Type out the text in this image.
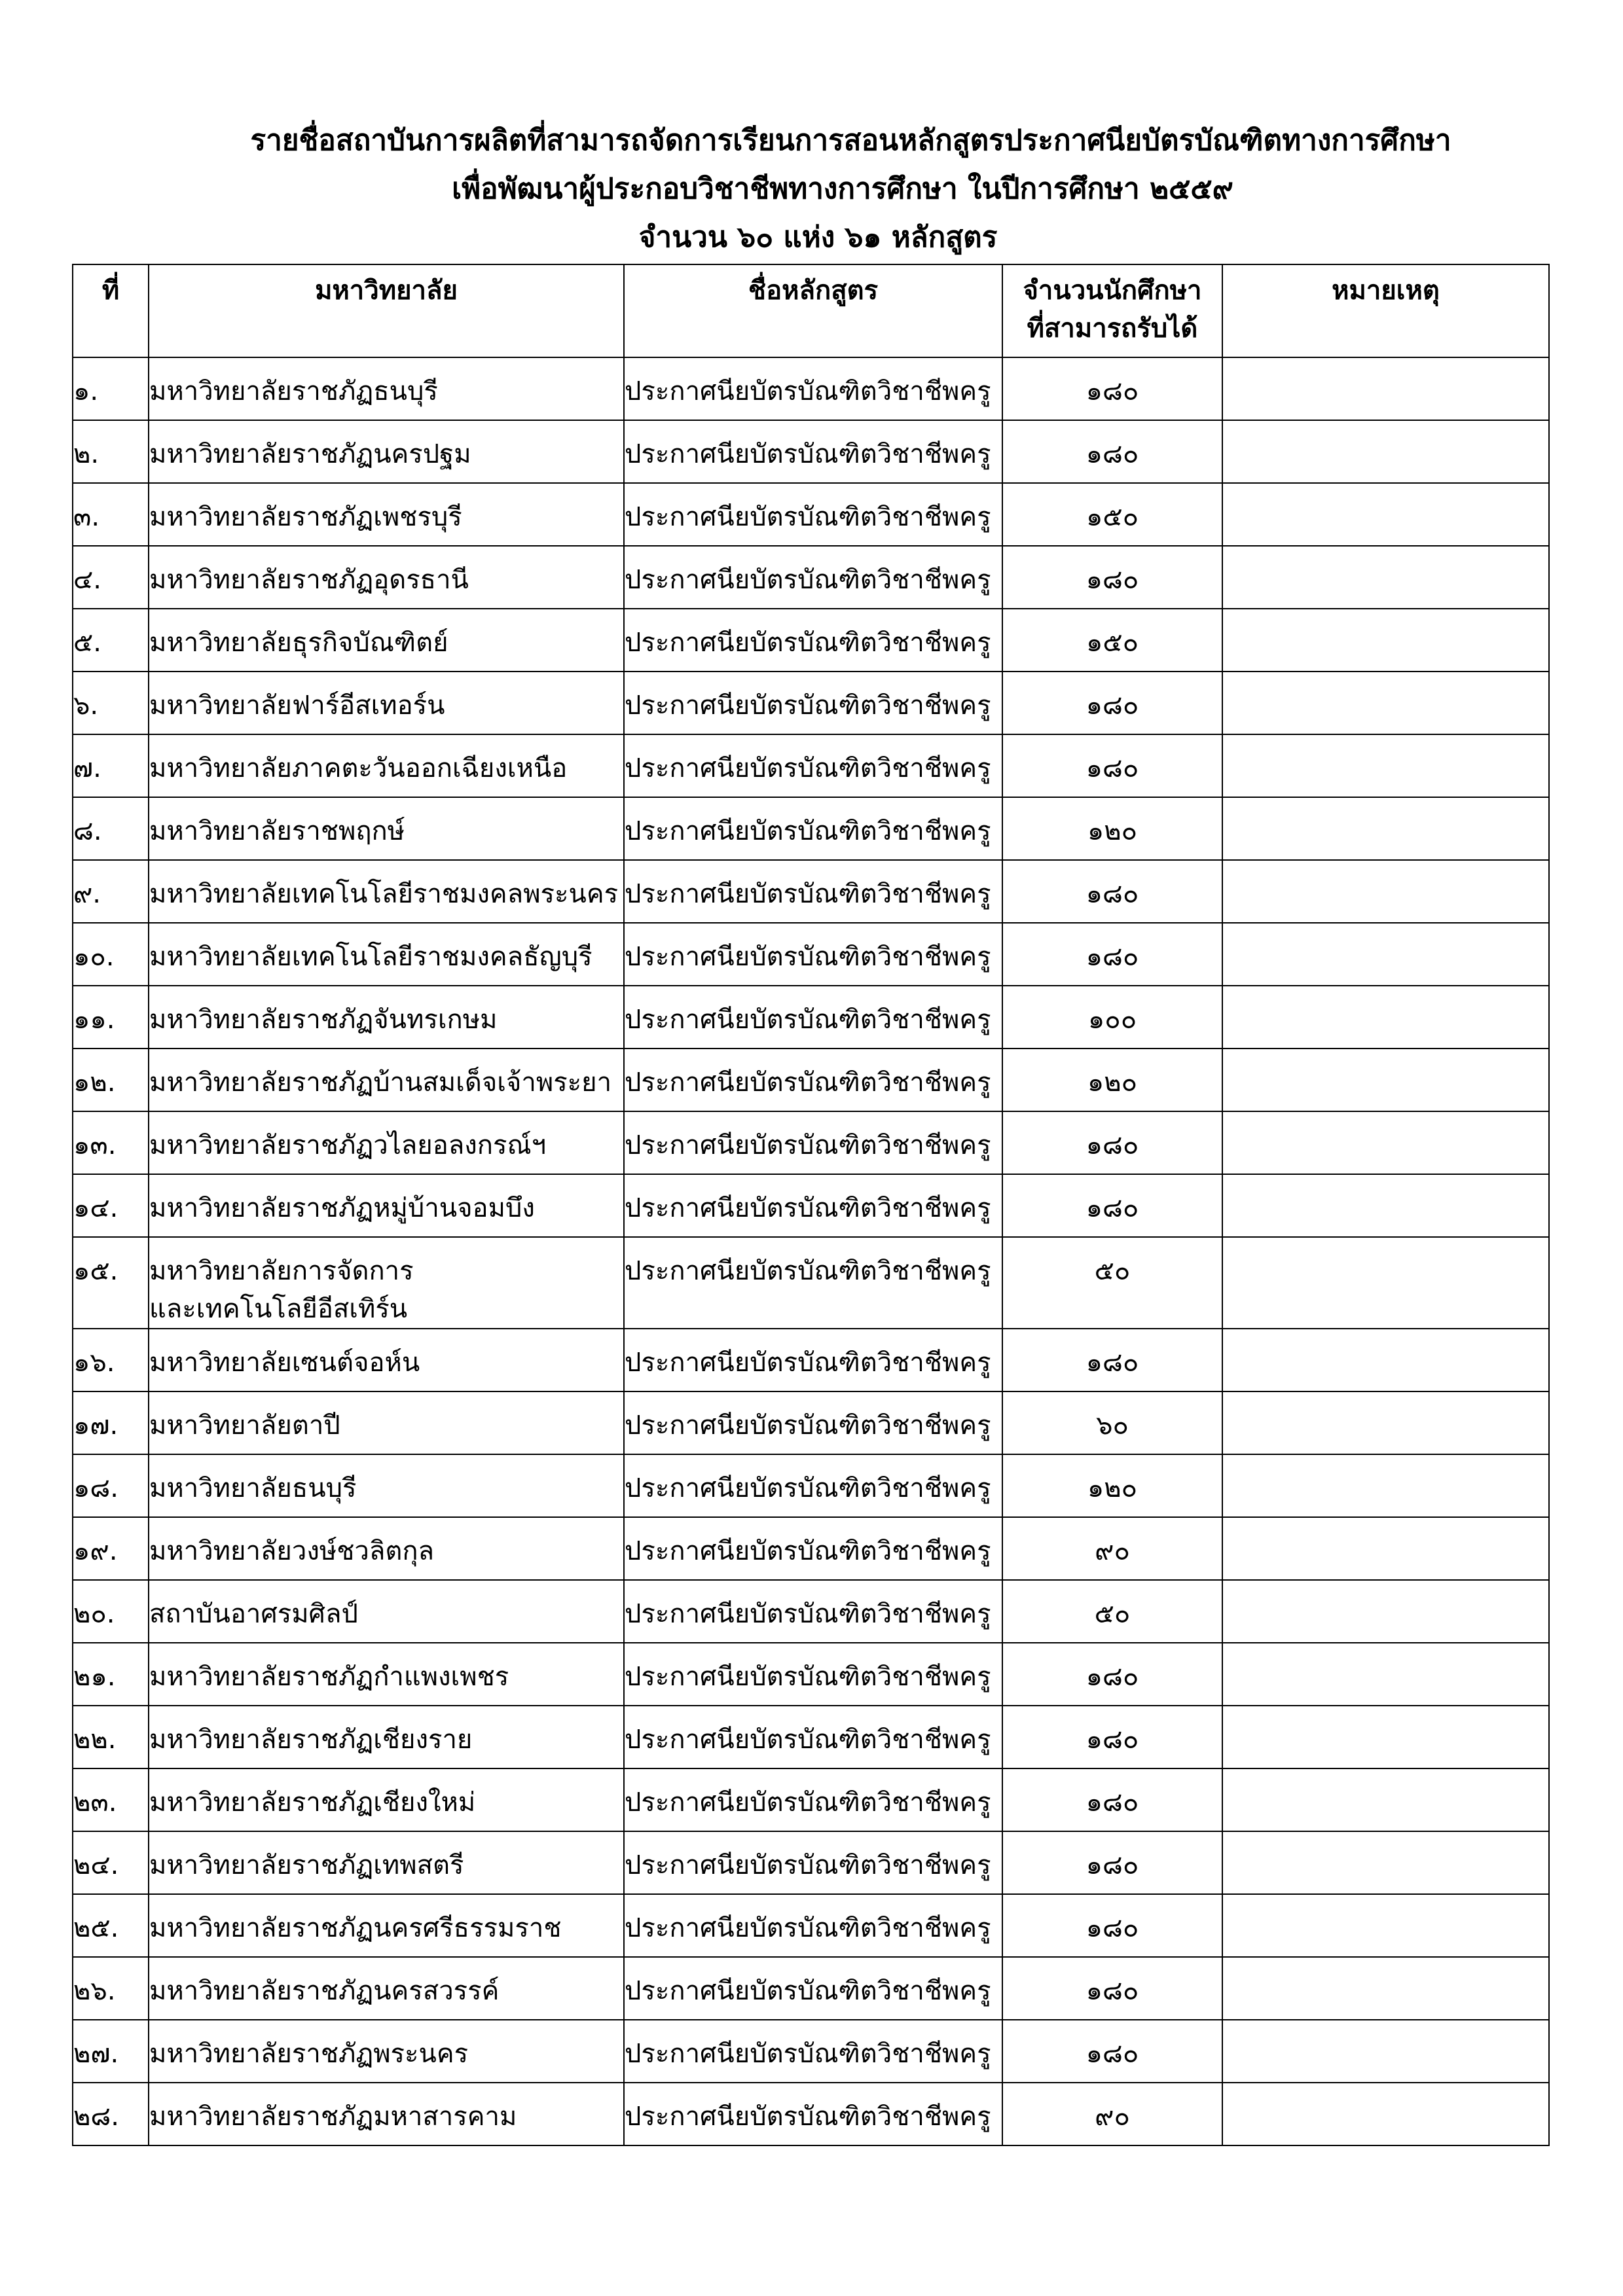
รายชื่อสถาบันการผลิตที่สามารถจัดการเรียนการสอนหลักสูตรประกาศนียบัตรบัณฑิตทางการศึกษา
เพื่อพัฒนาผู้ประกอบวิชาชีพทางการศึกษา ในปีการศึกษา ๒๕๕๙
จำนวน ๖๐ แห่ง ๖๑ หลักสูตร
ที่	มหาวิทยาลัย	ชื่อหลักสูตร	จำนวนนักศึกษา
ที่สามารถรับได้	หมายเหตุ
๑.	มหาวิทยาลัยราชภัฏธนบุรี	ประกาศนียบัตรบัณฑิตวิชาชีพครู	๑๘๐	
๒.	มหาวิทยาลัยราชภัฏนครปฐม	ประกาศนียบัตรบัณฑิตวิชาชีพครู	๑๘๐	
๓.	มหาวิทยาลัยราชภัฏเพชรบุรี	ประกาศนียบัตรบัณฑิตวิชาชีพครู	๑๕๐	
๔.	มหาวิทยาลัยราชภัฏอุดรธานี	ประกาศนียบัตรบัณฑิตวิชาชีพครู	๑๘๐	
๕.	มหาวิทยาลัยธุรกิจบัณฑิตย์	ประกาศนียบัตรบัณฑิตวิชาชีพครู	๑๕๐	
๖.	มหาวิทยาลัยฟาร์อีสเทอร์น	ประกาศนียบัตรบัณฑิตวิชาชีพครู	๑๘๐	
๗.	มหาวิทยาลัยภาคตะวันออกเฉียงเหนือ	ประกาศนียบัตรบัณฑิตวิชาชีพครู	๑๘๐	
๘.	มหาวิทยาลัยราชพฤกษ์	ประกาศนียบัตรบัณฑิตวิชาชีพครู	๑๒๐	
๙.	มหาวิทยาลัยเทคโนโลยีราชมงคลพระนคร	ประกาศนียบัตรบัณฑิตวิชาชีพครู	๑๘๐	
๑๐.	มหาวิทยาลัยเทคโนโลยีราชมงคลธัญบุรี	ประกาศนียบัตรบัณฑิตวิชาชีพครู	๑๘๐	
๑๑.	มหาวิทยาลัยราชภัฏจันทรเกษม	ประกาศนียบัตรบัณฑิตวิชาชีพครู	๑๐๐	
๑๒.	มหาวิทยาลัยราชภัฏบ้านสมเด็จเจ้าพระยา	ประกาศนียบัตรบัณฑิตวิชาชีพครู	๑๒๐	
๑๓.	มหาวิทยาลัยราชภัฏวไลยอลงกรณ์ฯ	ประกาศนียบัตรบัณฑิตวิชาชีพครู	๑๘๐	
๑๔.	มหาวิทยาลัยราชภัฏหมู่บ้านจอมบึง	ประกาศนียบัตรบัณฑิตวิชาชีพครู	๑๘๐	
๑๕.	มหาวิทยาลัยการจัดการ
และเทคโนโลยีอีสเทิร์น	ประกาศนียบัตรบัณฑิตวิชาชีพครู	๕๐	
๑๖.	มหาวิทยาลัยเซนต์จอห์น	ประกาศนียบัตรบัณฑิตวิชาชีพครู	๑๘๐	
๑๗.	มหาวิทยาลัยตาปี	ประกาศนียบัตรบัณฑิตวิชาชีพครู	๖๐	
๑๘.	มหาวิทยาลัยธนบุรี	ประกาศนียบัตรบัณฑิตวิชาชีพครู	๑๒๐	
๑๙.	มหาวิทยาลัยวงษ์ชวลิตกุล	ประกาศนียบัตรบัณฑิตวิชาชีพครู	๙๐	
๒๐.	สถาบันอาศรมศิลป์	ประกาศนียบัตรบัณฑิตวิชาชีพครู	๕๐	
๒๑.	มหาวิทยาลัยราชภัฏกำแพงเพชร	ประกาศนียบัตรบัณฑิตวิชาชีพครู	๑๘๐	
๒๒.	มหาวิทยาลัยราชภัฏเชียงราย	ประกาศนียบัตรบัณฑิตวิชาชีพครู	๑๘๐	
๒๓.	มหาวิทยาลัยราชภัฏเชียงใหม่	ประกาศนียบัตรบัณฑิตวิชาชีพครู	๑๘๐	
๒๔.	มหาวิทยาลัยราชภัฏเทพสตรี	ประกาศนียบัตรบัณฑิตวิชาชีพครู	๑๘๐	
๒๕.	มหาวิทยาลัยราชภัฏนครศรีธรรมราช	ประกาศนียบัตรบัณฑิตวิชาชีพครู	๑๘๐	
๒๖.	มหาวิทยาลัยราชภัฏนครสวรรค์	ประกาศนียบัตรบัณฑิตวิชาชีพครู	๑๘๐	
๒๗.	มหาวิทยาลัยราชภัฏพระนคร	ประกาศนียบัตรบัณฑิตวิชาชีพครู	๑๘๐	
๒๘.	มหาวิทยาลัยราชภัฏมหาสารคาม	ประกาศนียบัตรบัณฑิตวิชาชีพครู	๙๐	
